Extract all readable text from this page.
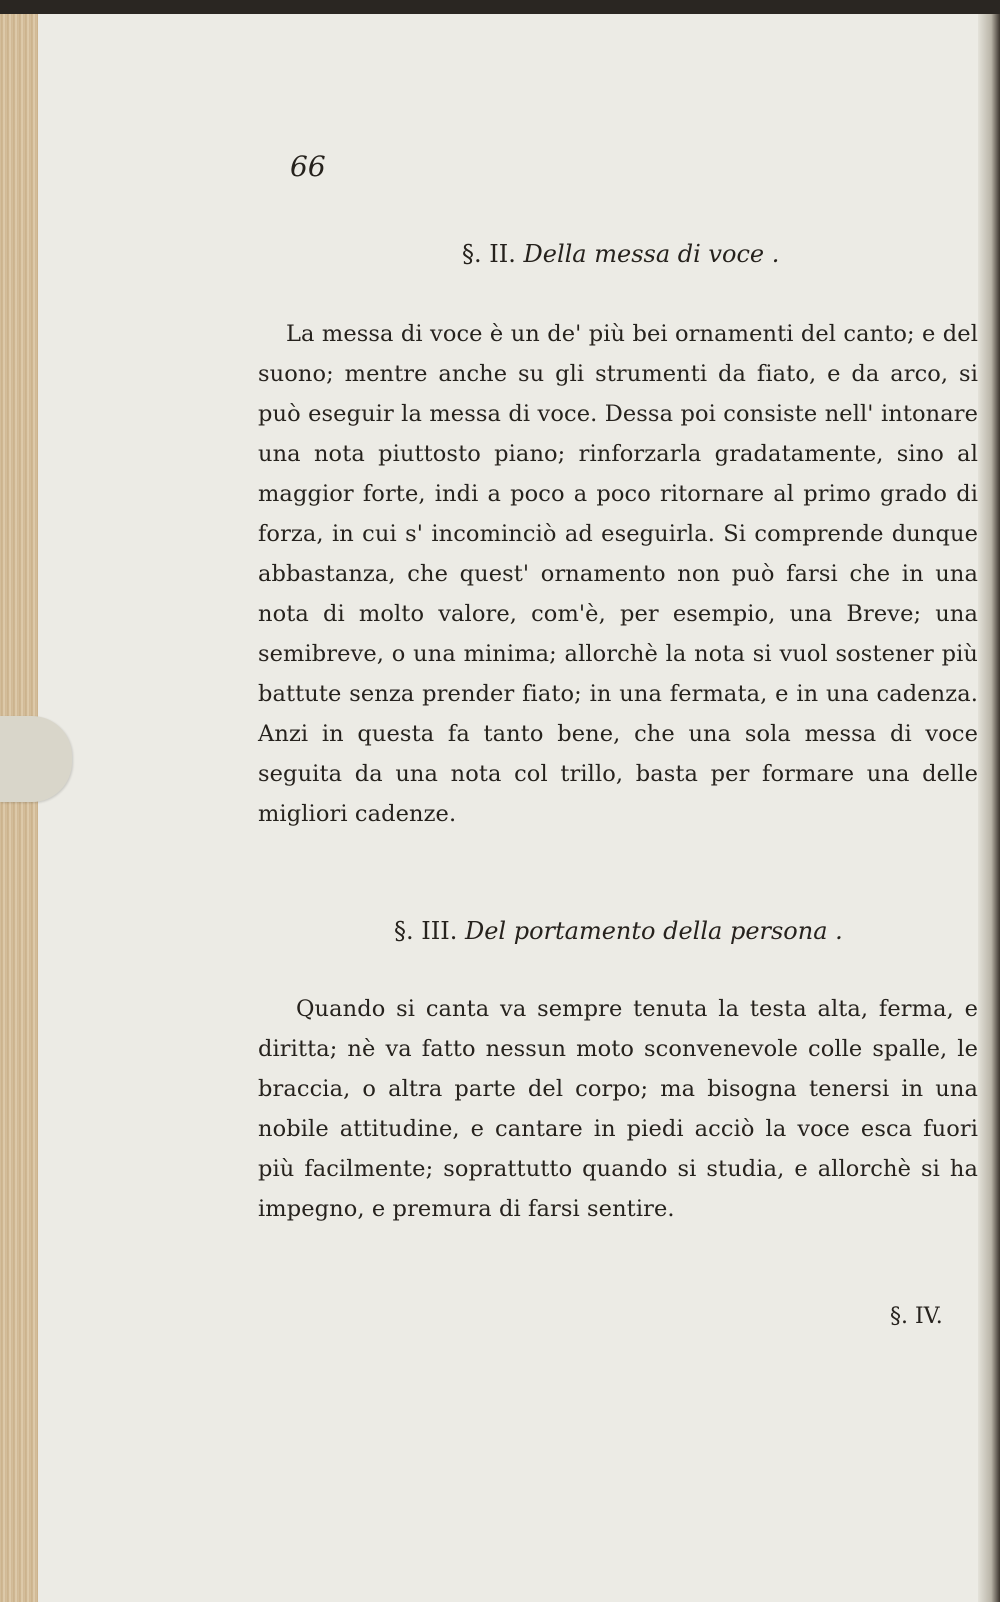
66
§. II. Della messa di voce .
La messa di voce è un de' più bei ornamenti del canto; e del suono; mentre anche su gli strumenti da fiato, e da arco, si può eseguir la messa di voce. Dessa poi consiste nell' intonare una nota piuttosto piano; rinforzarla gradatamente, sino al maggior forte, indi a poco a poco ritornare al primo grado di forza, in cui s' incominciò ad eseguirla. Si comprende dunque abbastanza, che quest' ornamento non può farsi che in una nota di molto valore, com'è, per esempio, una Breve; una semibreve, o una minima; allorchè la nota si vuol sostener più battute senza prender fiato; in una fermata, e in una cadenza. Anzi in questa fa tanto bene, che una sola messa di voce seguita da una nota col trillo, basta per formare una delle migliori cadenze.
§. III. Del portamento della persona .
Quando si canta va sempre tenuta la testa alta, ferma, e diritta; nè va fatto nessun moto sconvenevole colle spalle, le braccia, o altra parte del corpo; ma bisogna tenersi in una nobile attitudine, e cantare in piedi acciò la voce esca fuori più facilmente; soprattutto quando si studia, e allorchè si ha impegno, e premura di farsi sentire.
§. IV.
